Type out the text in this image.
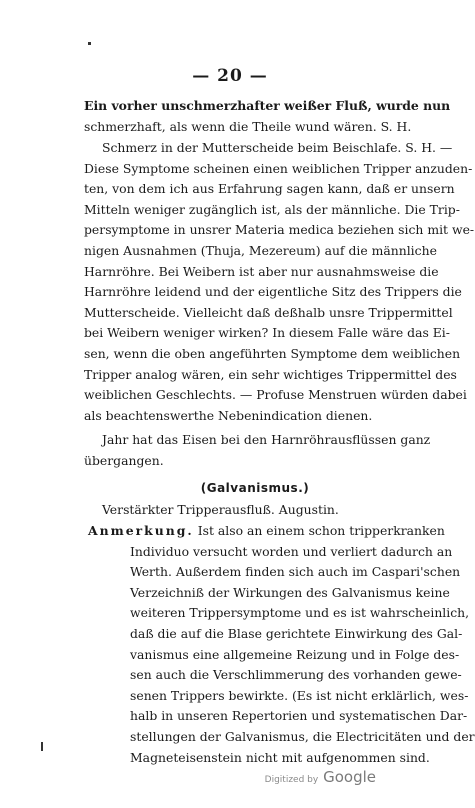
— 20 —
Ein vorher unschmerzhafter weißer Fluß, wurde nun
schmerzhaft, als wenn die Theile wund wären. S. H.
Schmerz in der Mutterscheide beim Beischlafe. S. H. —
Diese Symptome scheinen einen weiblichen Tripper anzuden-
ten, von dem ich aus Erfahrung sagen kann, daß er unsern
Mitteln weniger zugänglich ist, als der männliche. Die Trip-
persymptome in unsrer Materia medica beziehen sich mit we-
nigen Ausnahmen (Thuja, Mezereum) auf die männliche
Harnröhre. Bei Weibern ist aber nur ausnahmsweise die
Harnröhre leidend und der eigentliche Sitz des Trippers die
Mutterscheide. Vielleicht daß deßhalb unsre Trippermittel
bei Weibern weniger wirken? In diesem Falle wäre das Ei-
sen, wenn die oben angeführten Symptome dem weiblichen
Tripper analog wären, ein sehr wichtiges Trippermittel des
weiblichen Geschlechts. — Profuse Menstruen würden dabei
als beachtenswerthe Nebenindication dienen.
Jahr hat das Eisen bei den Harnröhrausflüssen ganz
übergangen.
(Galvanismus.)
Verstärkter Tripperausfluß. Augustin.
Anmerkung. Ist also an einem schon tripperkranken
Individuo versucht worden und verliert dadurch an
Werth. Außerdem finden sich auch im Caspari'schen
Verzeichniß der Wirkungen des Galvanismus keine
weiteren Trippersymptome und es ist wahrscheinlich,
daß die auf die Blase gerichtete Einwirkung des Gal-
vanismus eine allgemeine Reizung und in Folge des-
sen auch die Verschlimmerung des vorhanden gewe-
senen Trippers bewirkte. (Es ist nicht erklärlich, wes-
halb in unseren Repertorien und systematischen Dar-
stellungen der Galvanismus, die Electricitäten und der
Magneteisenstein nicht mit aufgenommen sind.
Digitized by Google
